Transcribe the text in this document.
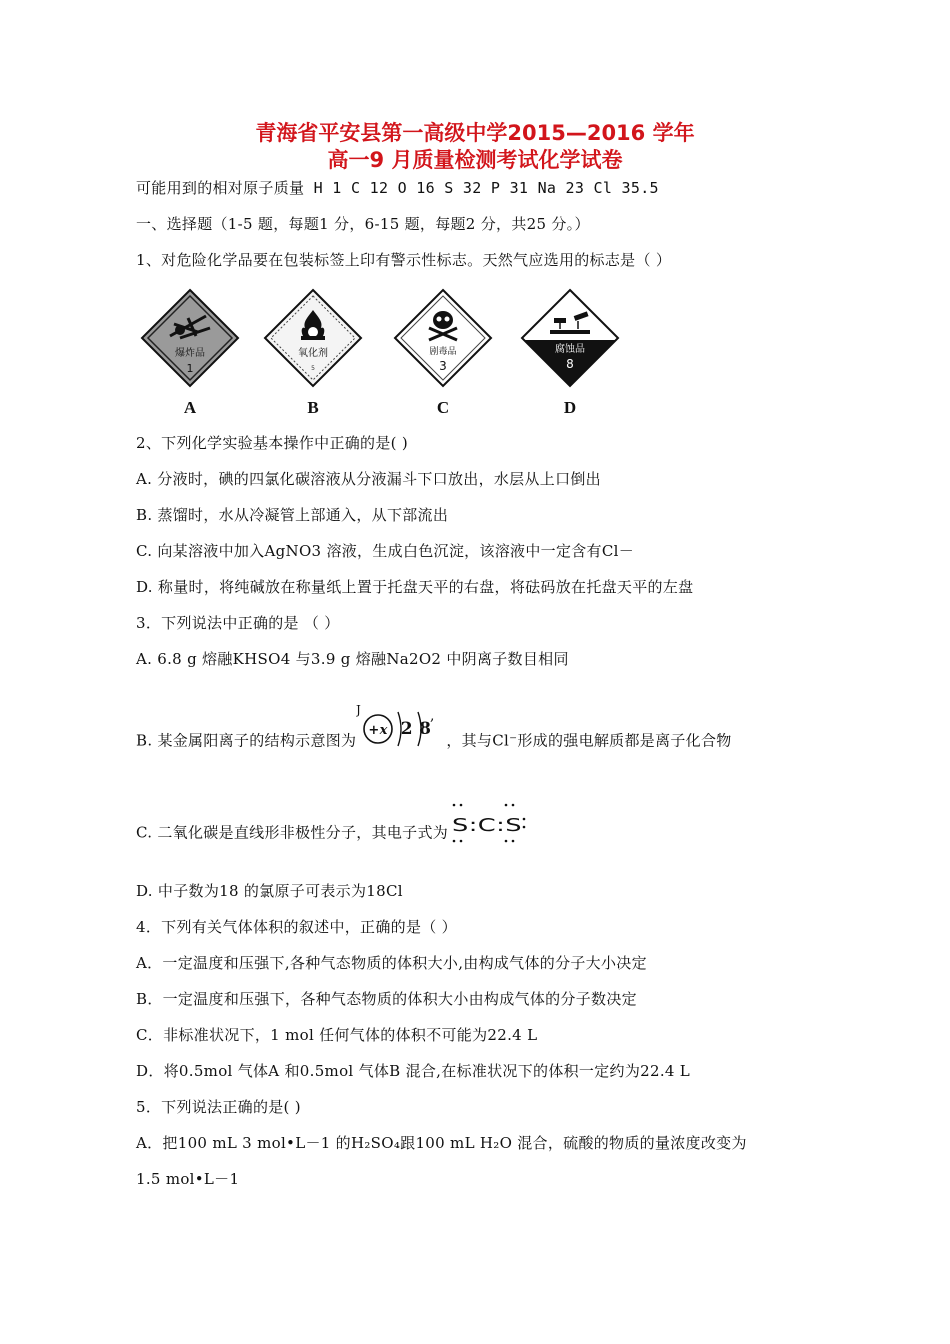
青海省平安县第一高级中学2015—2016 学年
高一9 月质量检测考试化学试卷
可能用到的相对原子质量 H 1 C 12 O 16 S 32 P 31 Na 23 Cl 35.5
一、选择题（1-5 题，每题1 分，6-15 题，每题2 分，共25 分。）
1、对危险化学品要在包装标签上印有警示性标志。天然气应选用的标志是（ ）
爆炸品
1
A
氧化剂
5
B
剧毒品
3
C
腐蚀品
8
D
2、下列化学实验基本操作中正确的是( )
A. 分液时，碘的四氯化碳溶液从分液漏斗下口放出，水层从上口倒出
B. 蒸馏时，水从冷凝管上部通入，从下部流出
C. 向某溶液中加入AgNO3 溶液，生成白色沉淀，该溶液中一定含有Cl－
D. 称量时，将纯碱放在称量纸上置于托盘天平的右盘，将砝码放在托盘天平的左盘
3．下列说法中正确的是 （ ）
A. 6.8 g 熔融KHSO4 与3.9 g 熔融Na2O2 中阴离子数目相同
B. 某金属阳离子的结构示意图为
J
+x 2 8
,
，其与Cl⁻形成的强电解质都是离子化合物
C. 二氧化碳是直线形非极性分子，其电子式为 S:C:S
D. 中子数为18 的氯原子可表示为18Cl
4．下列有关气体体积的叙述中，正确的是（ ）
A．一定温度和压强下,各种气态物质的体积大小,由构成气体的分子大小决定
B．一定温度和压强下，各种气态物质的体积大小由构成气体的分子数决定
C．非标准状况下，1 mol 任何气体的体积不可能为22.4 L
D．将0.5mol 气体A 和0.5mol 气体B 混合,在标准状况下的体积一定约为22.4 L
5．下列说法正确的是( )
A．把100 mL 3 mol•L－1 的H₂SO₄跟100 mL H₂O 混合，硫酸的物质的量浓度改变为
1.5 mol•L－1
